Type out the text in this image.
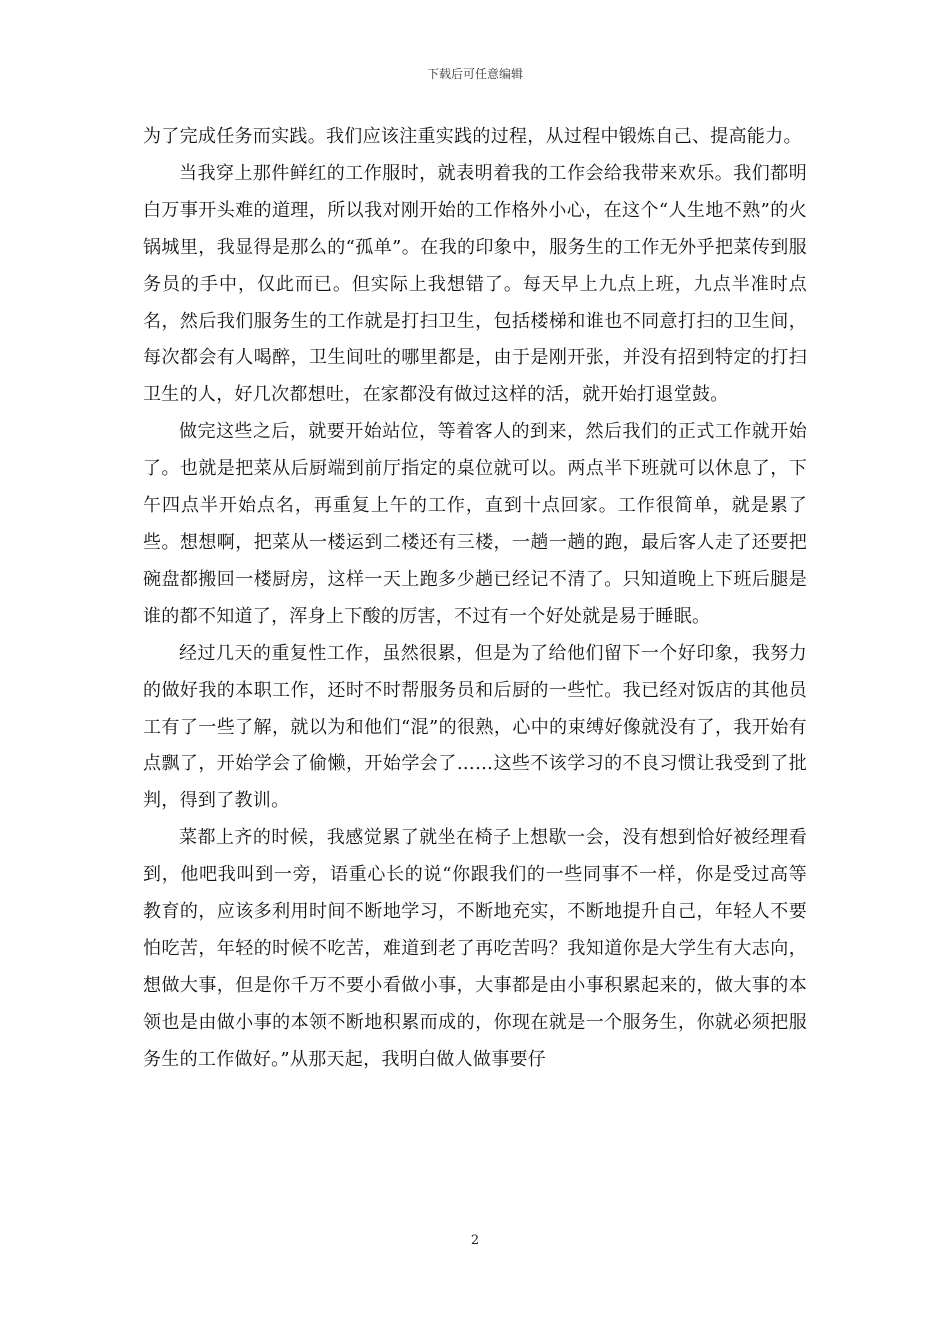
下载后可任意编辑

为了完成任务而实践。我们应该注重实践的过程，从过程中锻炼自己、提高能力。

当我穿上那件鲜红的工作服时，就表明着我的工作会给我带来欢乐。我们都明白万事开头难的道理，所以我对刚开始的工作格外小心，在这个“人生地不熟”的火锅城里，我显得是那么的“孤单”。在我的印象中，服务生的工作无外乎把菜传到服务员的手中，仅此而已。但实际上我想错了。每天早上九点上班，九点半准时点名，然后我们服务生的工作就是打扫卫生，包括楼梯和谁也不同意打扫的卫生间，每次都会有人喝醉，卫生间吐的哪里都是，由于是刚开张，并没有招到特定的打扫卫生的人，好几次都想吐，在家都没有做过这样的活，就开始打退堂鼓。

做完这些之后，就要开始站位，等着客人的到来，然后我们的正式工作就开始了。也就是把菜从后厨端到前厅指定的桌位就可以。两点半下班就可以休息了，下午四点半开始点名，再重复上午的工作，直到十点回家。工作很简单，就是累了些。想想啊，把菜从一楼运到二楼还有三楼，一趟一趟的跑，最后客人走了还要把碗盘都搬回一楼厨房，这样一天上跑多少趟已经记不清了。只知道晚上下班后腿是谁的都不知道了，浑身上下酸的厉害，不过有一个好处就是易于睡眠。

经过几天的重复性工作，虽然很累，但是为了给他们留下一个好印象，我努力的做好我的本职工作，还时不时帮服务员和后厨的一些忙。我已经对饭店的其他员工有了一些了解，就以为和他们“混”的很熟，心中的束缚好像就没有了，我开始有点飘了，开始学会了偷懒，开始学会了……这些不该学习的不良习惯让我受到了批判，得到了教训。

菜都上齐的时候，我感觉累了就坐在椅子上想歇一会，没有想到恰好被经理看到，他吧我叫到一旁，语重心长的说“你跟我们的一些同事不一样，你是受过高等教育的，应该多利用时间不断地学习，不断地充实，不断地提升自己，年轻人不要怕吃苦，年轻的时候不吃苦，难道到老了再吃苦吗？我知道你是大学生有大志向，想做大事，但是你千万不要小看做小事，大事都是由小事积累起来的，做大事的本领也是由做小事的本领不断地积累而成的，你现在就是一个服务生，你就必须把服务生的工作做好。”从那天起，我明白做人做事要仔

2
